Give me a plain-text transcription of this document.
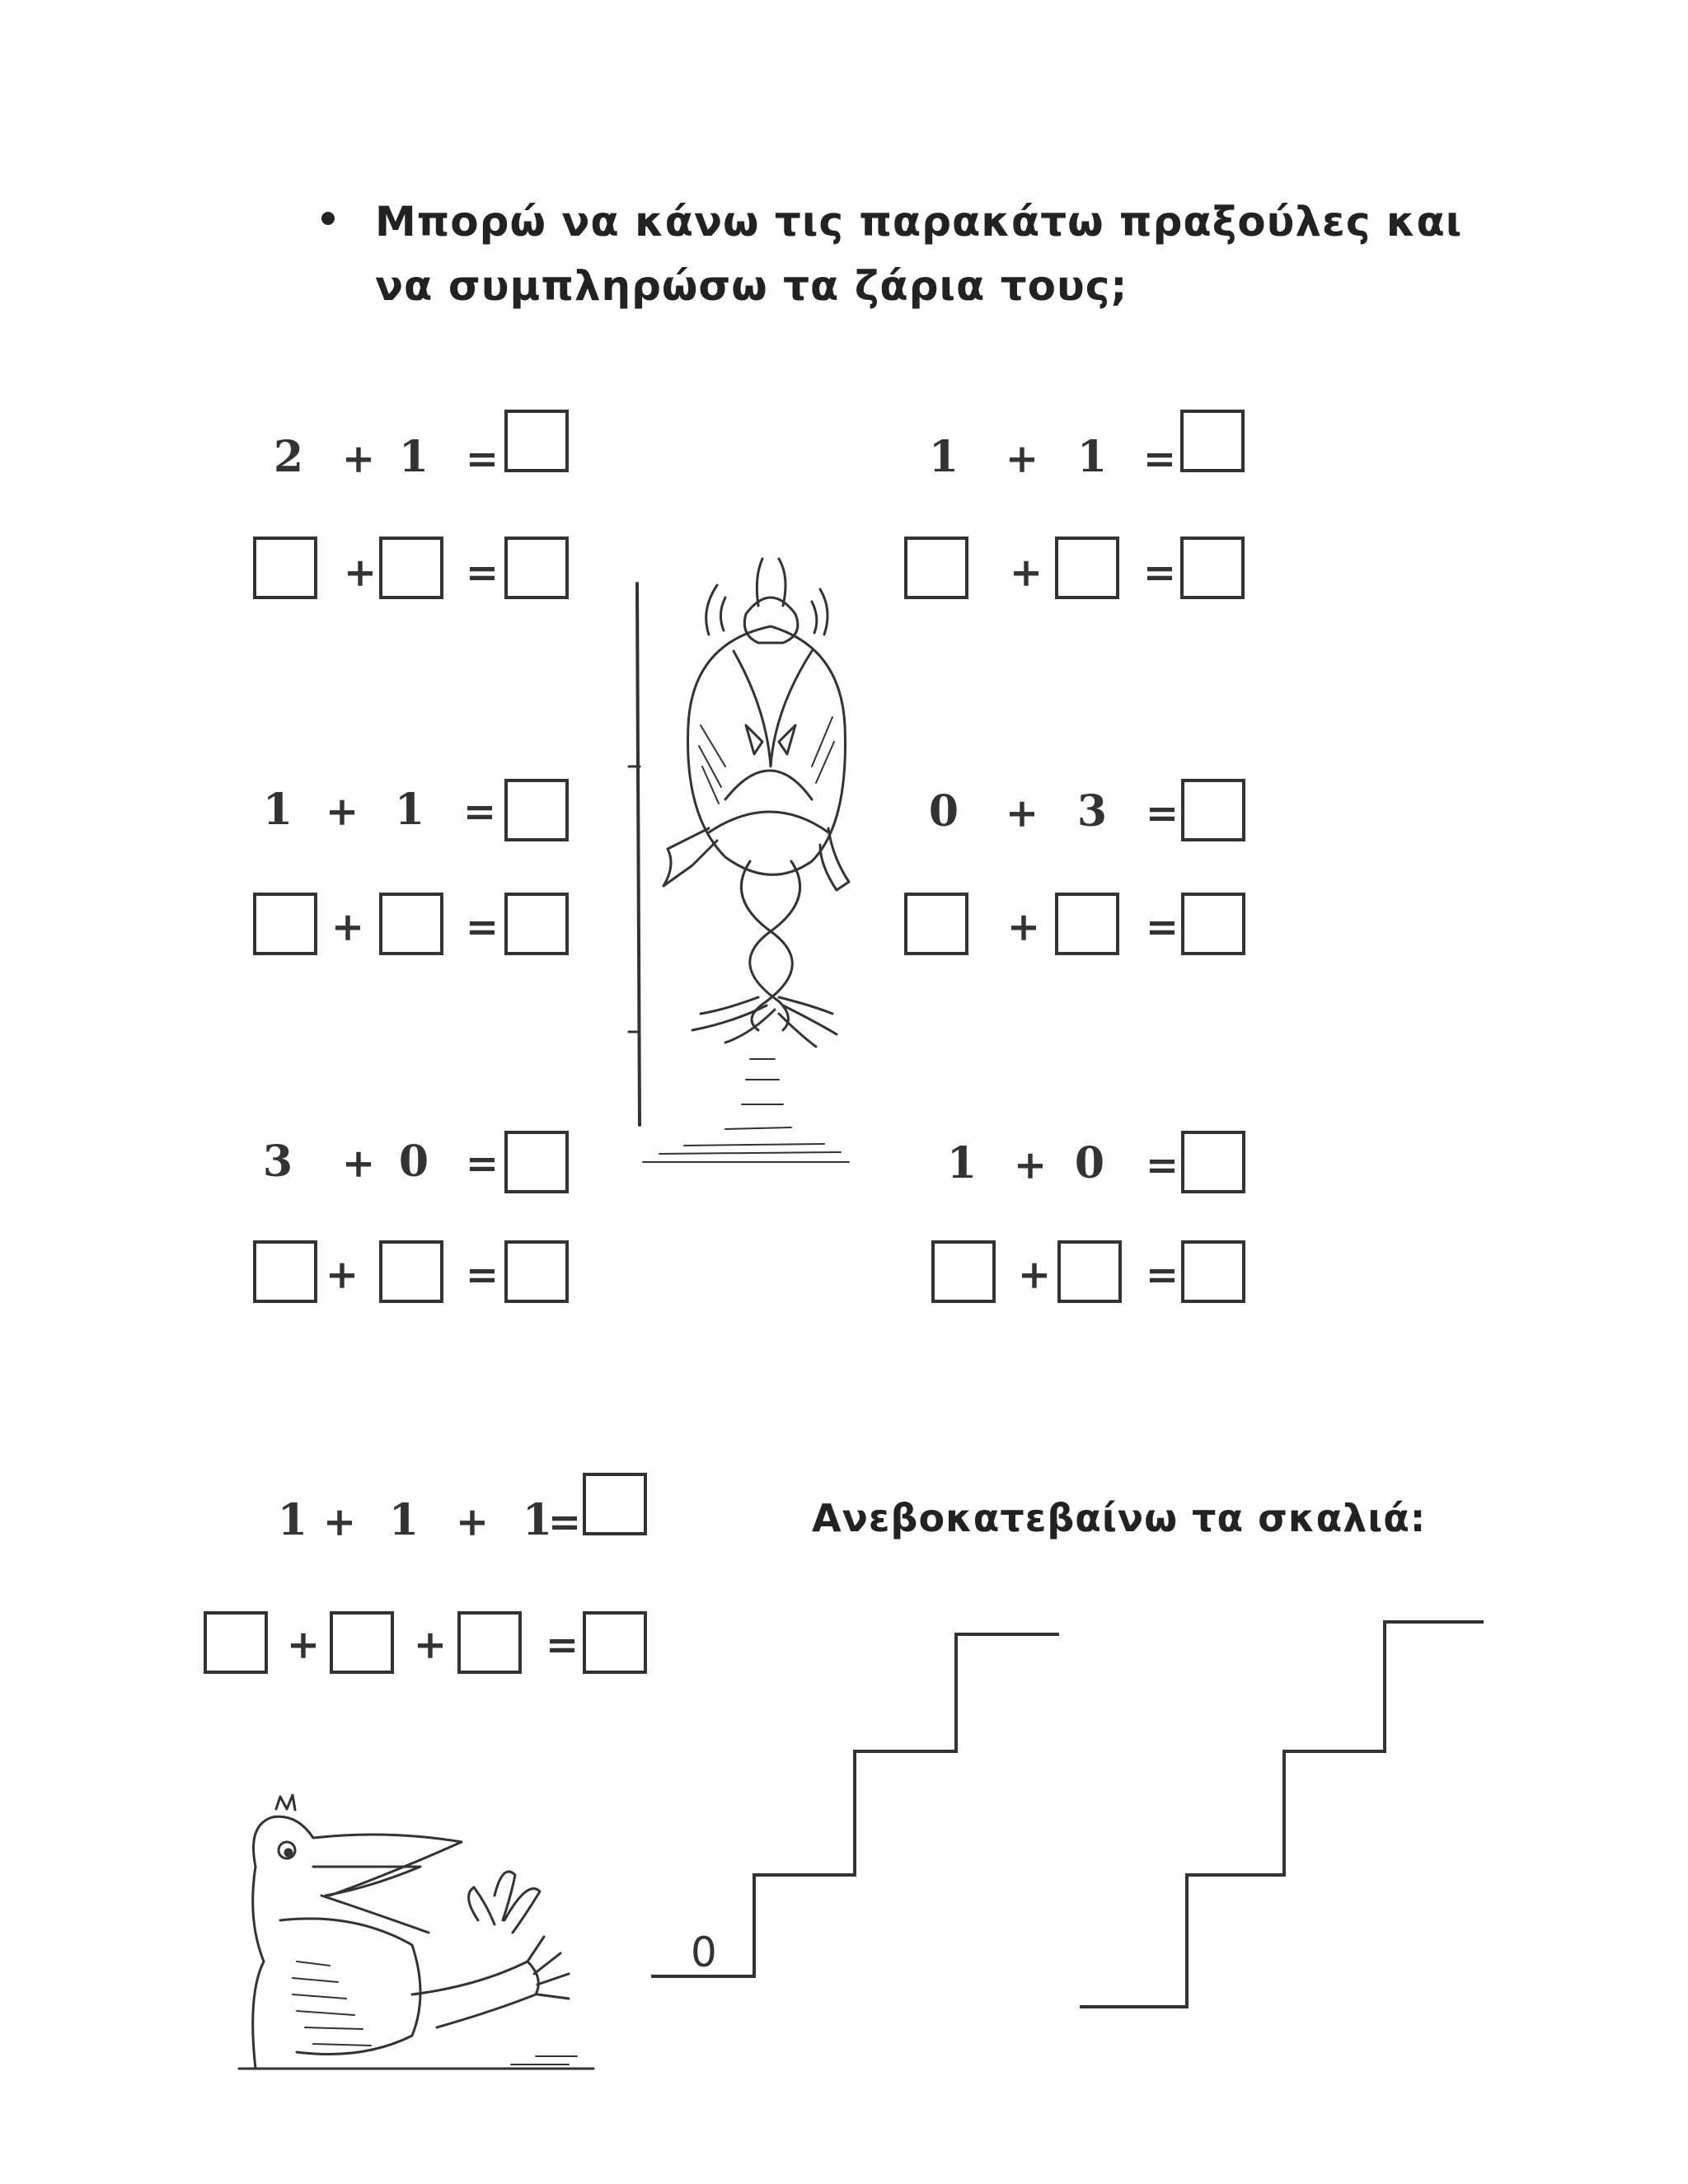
Μπορώ να κάνω τις παρακάτω πραξούλες και
να συμπληρώσω τα ζάρια τους;
2 + 1 =
+ =
1 + 1 =
+	=
1 + 1 =
+	=
0 + 3 =
+	=
3 + 0 =
+	=
1 + 0 =
+ =
1 + 1 + 1
=
+ + =
Ανεβοκατεβαίνω τα σκαλιά:
0
